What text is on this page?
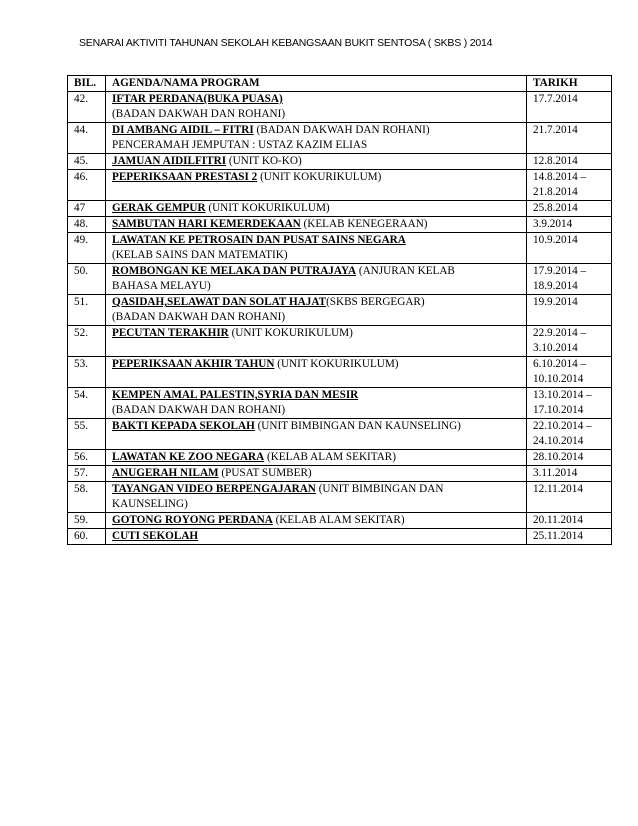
SENARAI AKTIVITI TAHUNAN SEKOLAH KEBANGSAAN BUKIT SENTOSA ( SKBS ) 2014
BIL.	AGENDA/NAMA PROGRAM	TARIKH
42.	IFTAR PERDANA(BUKA PUASA)
(BADAN DAKWAH DAN ROHANI)	17.7.2014

44.	DI AMBANG AIDIL – FITRI (BADAN DAKWAH DAN ROHANI)
PENCERAMAH JEMPUTAN : USTAZ KAZIM ELIAS	21.7.2014

45.	JAMUAN AIDILFITRI (UNIT KO-KO)	12.8.2014

46.	PEPERIKSAAN PRESTASI 2 (UNIT KOKURIKULUM)	14.8.2014 –
21.8.2014

47	GERAK GEMPUR (UNIT KOKURIKULUM)	25.8.2014

48.	SAMBUTAN HARI KEMERDEKAAN (KELAB KENEGERAAN)	3.9.2014

49.	LAWATAN KE PETROSAIN DAN PUSAT SAINS NEGARA
(KELAB SAINS DAN MATEMATIK)	10.9.2014

50.	ROMBONGAN KE MELAKA DAN PUTRAJAYA (ANJURAN KELAB
BAHASA MELAYU)	17.9.2014 –
18.9.2014

51.	QASIDAH,SELAWAT DAN SOLAT HAJAT(SKBS BERGEGAR)
(BADAN DAKWAH DAN ROHANI)	19.9.2014

52.	PECUTAN TERAKHIR (UNIT KOKURIKULUM)	22.9.2014 –
3.10.2014

53.	PEPERIKSAAN AKHIR TAHUN (UNIT KOKURIKULUM)	6.10.2014 –
10.10.2014

54.	KEMPEN AMAL PALESTIN,SYRIA DAN MESIR
(BADAN DAKWAH DAN ROHANI)	13.10.2014 –
17.10.2014

55.	BAKTI KEPADA SEKOLAH (UNIT BIMBINGAN DAN KAUNSELING)	22.10.2014 –
24.10.2014

56.	LAWATAN KE ZOO NEGARA (KELAB ALAM SEKITAR)	28.10.2014

57.	ANUGERAH NILAM (PUSAT SUMBER)	3.11.2014

58.	TAYANGAN VIDEO BERPENGAJARAN (UNIT BIMBINGAN DAN
KAUNSELING)	12.11.2014

59.	GOTONG ROYONG PERDANA (KELAB ALAM SEKITAR)	20.11.2014

60.	CUTI SEKOLAH	25.11.2014
